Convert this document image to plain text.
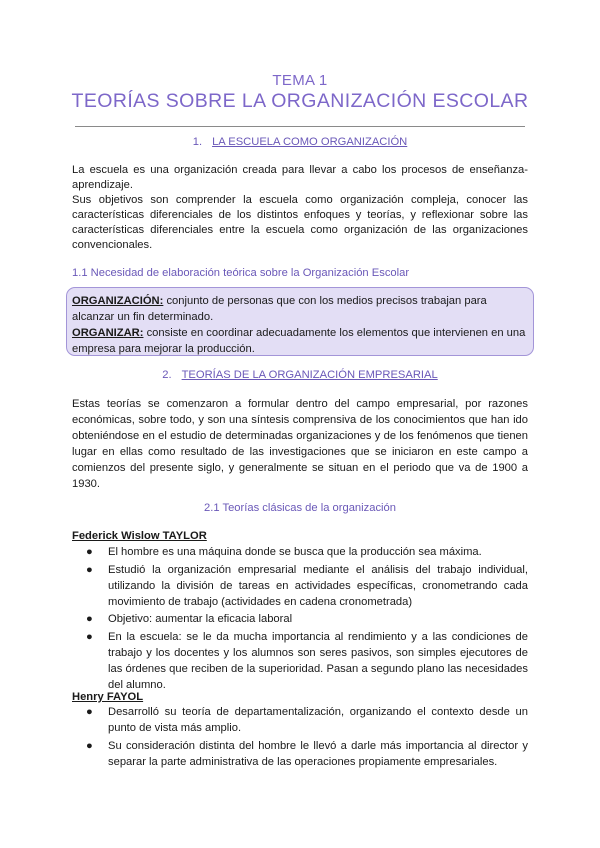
TEMA 1
TEORÍAS SOBRE LA ORGANIZACIÓN ESCOLAR
1. LA ESCUELA COMO ORGANIZACIÓN

La escuela es una organización creada para llevar a cabo los procesos de enseñanza-aprendizaje.

Sus objetivos son comprender la escuela como organización compleja, conocer las características diferenciales de los distintos enfoques y teorías, y reflexionar sobre las características diferenciales entre la escuela como organización de las organizaciones convencionales.

1.1 Necesidad de elaboración teórica sobre la Organización Escolar
ORGANIZACIÓN: conjunto de personas que con los medios precisos trabajan para alcanzar un fin determinado.
ORGANIZAR: consiste en coordinar adecuadamente los elementos que intervienen en una empresa para mejorar la producción.
2. TEORÍAS DE LA ORGANIZACIÓN EMPRESARIAL

Estas teorías se comenzaron a formular dentro del campo empresarial, por razones económicas, sobre todo, y son una síntesis comprensiva de los conocimientos que han ido obteniéndose en el estudio de determinadas organizaciones y de los fenómenos que tienen lugar en ellas como resultado de las investigaciones que se iniciaron en este campo a comienzos del presente siglo, y generalmente se situan en el periodo que va de 1900 a 1930.

2.1 Teorías clásicas de la organización
Federick Wislow TAYLOR
● El hombre es una máquina donde se busca que la producción sea máxima.
● Estudió la organización empresarial mediante el análisis del trabajo individual, utilizando la división de tareas en actividades específicas, cronometrando cada movimiento de trabajo (actividades en cadena cronometrada)
● Objetivo: aumentar la eficacia laboral
● En la escuela: se le da mucha importancia al rendimiento y a las condiciones de trabajo y los docentes y los alumnos son seres pasivos, son simples ejecutores de las órdenes que reciben de la superioridad. Pasan a segundo plano las necesidades del alumno.
Henry FAYOL
● Desarrolló su teoría de departamentalización, organizando el contexto desde un punto de vista más amplio.
● Su consideración distinta del hombre le llevó a darle más importancia al director y separar la parte administrativa de las operaciones propiamente empresariales.
